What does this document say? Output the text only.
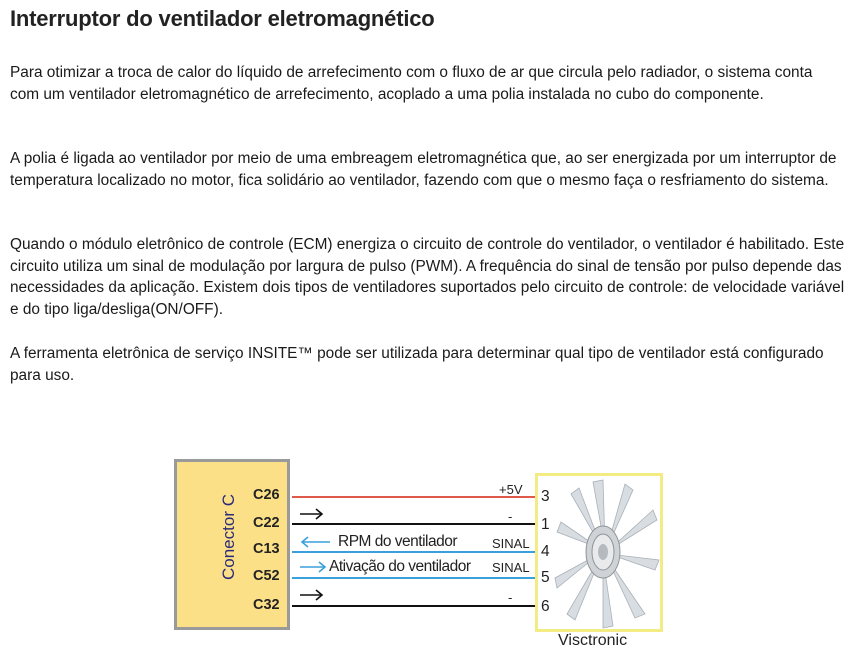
Interruptor do ventilador eletromagnético

Para otimizar a troca de calor do líquido de arrefecimento com o fluxo de ar que circula pelo radiador, o sistema conta com um ventilador eletromagnético de arrefecimento, acoplado a uma polia instalada no cubo do componente.

A polia é ligada ao ventilador por meio de uma embreagem eletromagnética que, ao ser energizada por um interruptor de temperatura localizado no motor, fica solidário ao ventilador, fazendo com que o mesmo faça o resfriamento do sistema.

Quando o módulo eletrônico de controle (ECM) energiza o circuito de controle do ventilador, o ventilador é habilitado. Este circuito utiliza um sinal de modulação por largura de pulso (PWM). A frequência do sinal de tensão por pulso depende das necessidades da aplicação. Existem dois tipos de ventiladores suportados pelo circuito de controle: de velocidade variável e do tipo liga/desliga(ON/OFF).

A ferramenta eletrônica de serviço INSITE™ pode ser utilizada para determinar qual tipo de ventilador está configurado para uso.

Conector C C26
C22
C13
C52
C32
RPM do ventilador
Ativação do ventilador
+5V
-
SINAL
SINAL
-
3
1
4
5
6
Visctronic
